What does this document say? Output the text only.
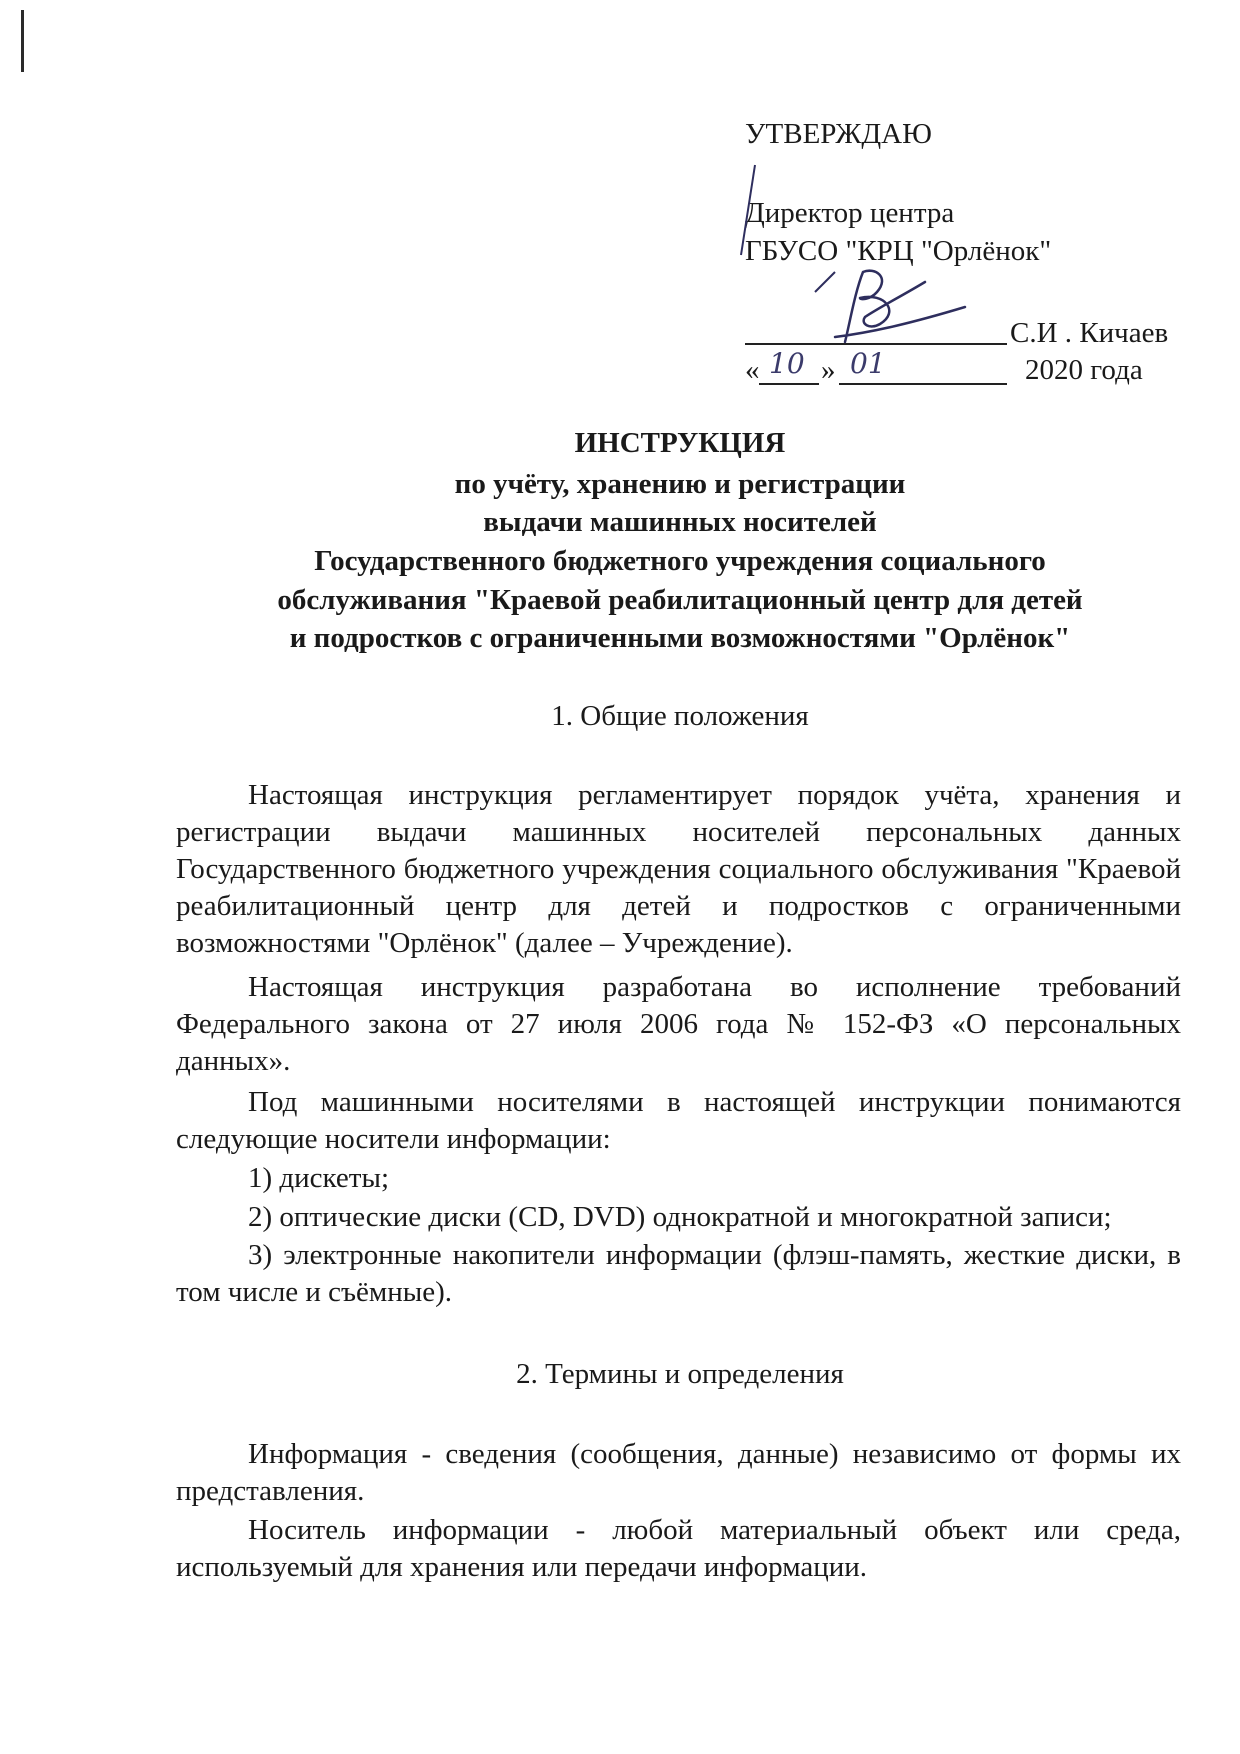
УТВЕРЖДАЮ
Директор центра
ГБУСО "КРЦ "Орлёнок"
С.И . Кичаев
« 10 » 01	2020 года
ИНСТРУКЦИЯ
по учёту, хранению и регистрации
выдачи машинных носителей
Государственного бюджетного учреждения социального
обслуживания "Краевой реабилитационный центр для детей
и подростков с ограниченными возможностями "Орлёнок"
1. Общие положения
Настоящая инструкция регламентирует порядок учёта, хранения и регистрации выдачи машинных носителей персональных данных Государственного бюджетного учреждения социального обслуживания "Краевой реабилитационный центр для детей и подростков с ограниченными возможностями "Орлёнок" (далее – Учреждение).
Настоящая инструкция разработана во исполнение требований Федерального закона от 27 июля 2006 года № 152-ФЗ «О персональных данных».
Под машинными носителями в настоящей инструкции понимаются следующие носители информации:
1) дискеты;
2) оптические диски (CD, DVD) однократной и многократной записи;
3) электронные накопители информации (флэш-память, жесткие диски, в том числе и съёмные).
2. Термины и определения
Информация - сведения (сообщения, данные) независимо от формы их представления.
Носитель информации - любой материальный объект или среда, используемый для хранения или передачи информации.
